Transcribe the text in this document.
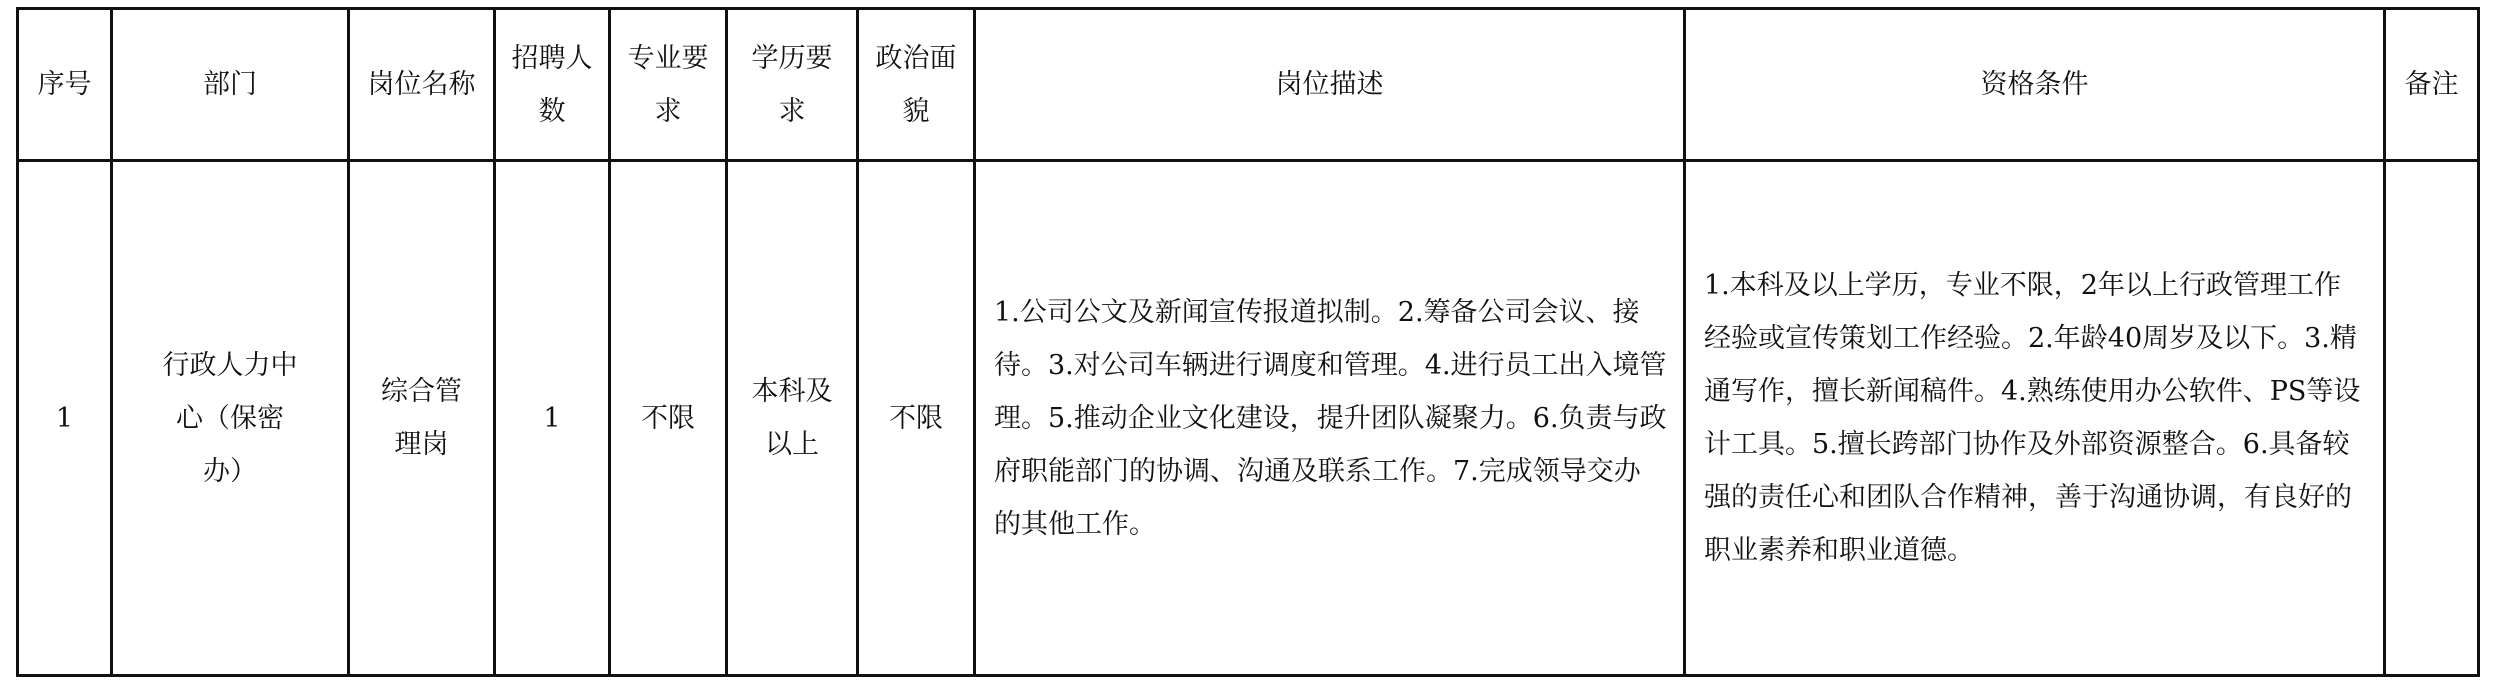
序号	部门	岗位名称	招聘人数	专业要求	学历要求	政治面貌	岗位描述	资格条件	备注
1	行政人力中心（保密办）	综合管理岗	1	不限	本科及以上	不限	1.公司公文及新闻宣传报道拟制。2.筹备公司会议、接待。3.对公司车辆进行调度和管理。4.进行员工出入境管理。5.推动企业文化建设，提升团队凝聚力。6.负责与政府职能部门的协调、沟通及联系工作。7.完成领导交办的其他工作。	1.本科及以上学历，专业不限，2年以上行政管理工作经验或宣传策划工作经验。2.年龄40周岁及以下。3.精通写作，擅长新闻稿件。4.熟练使用办公软件、PS等设计工具。5.擅长跨部门协作及外部资源整合。6.具备较强的责任心和团队合作精神，善于沟通协调，有良好的职业素养和职业道德。	
